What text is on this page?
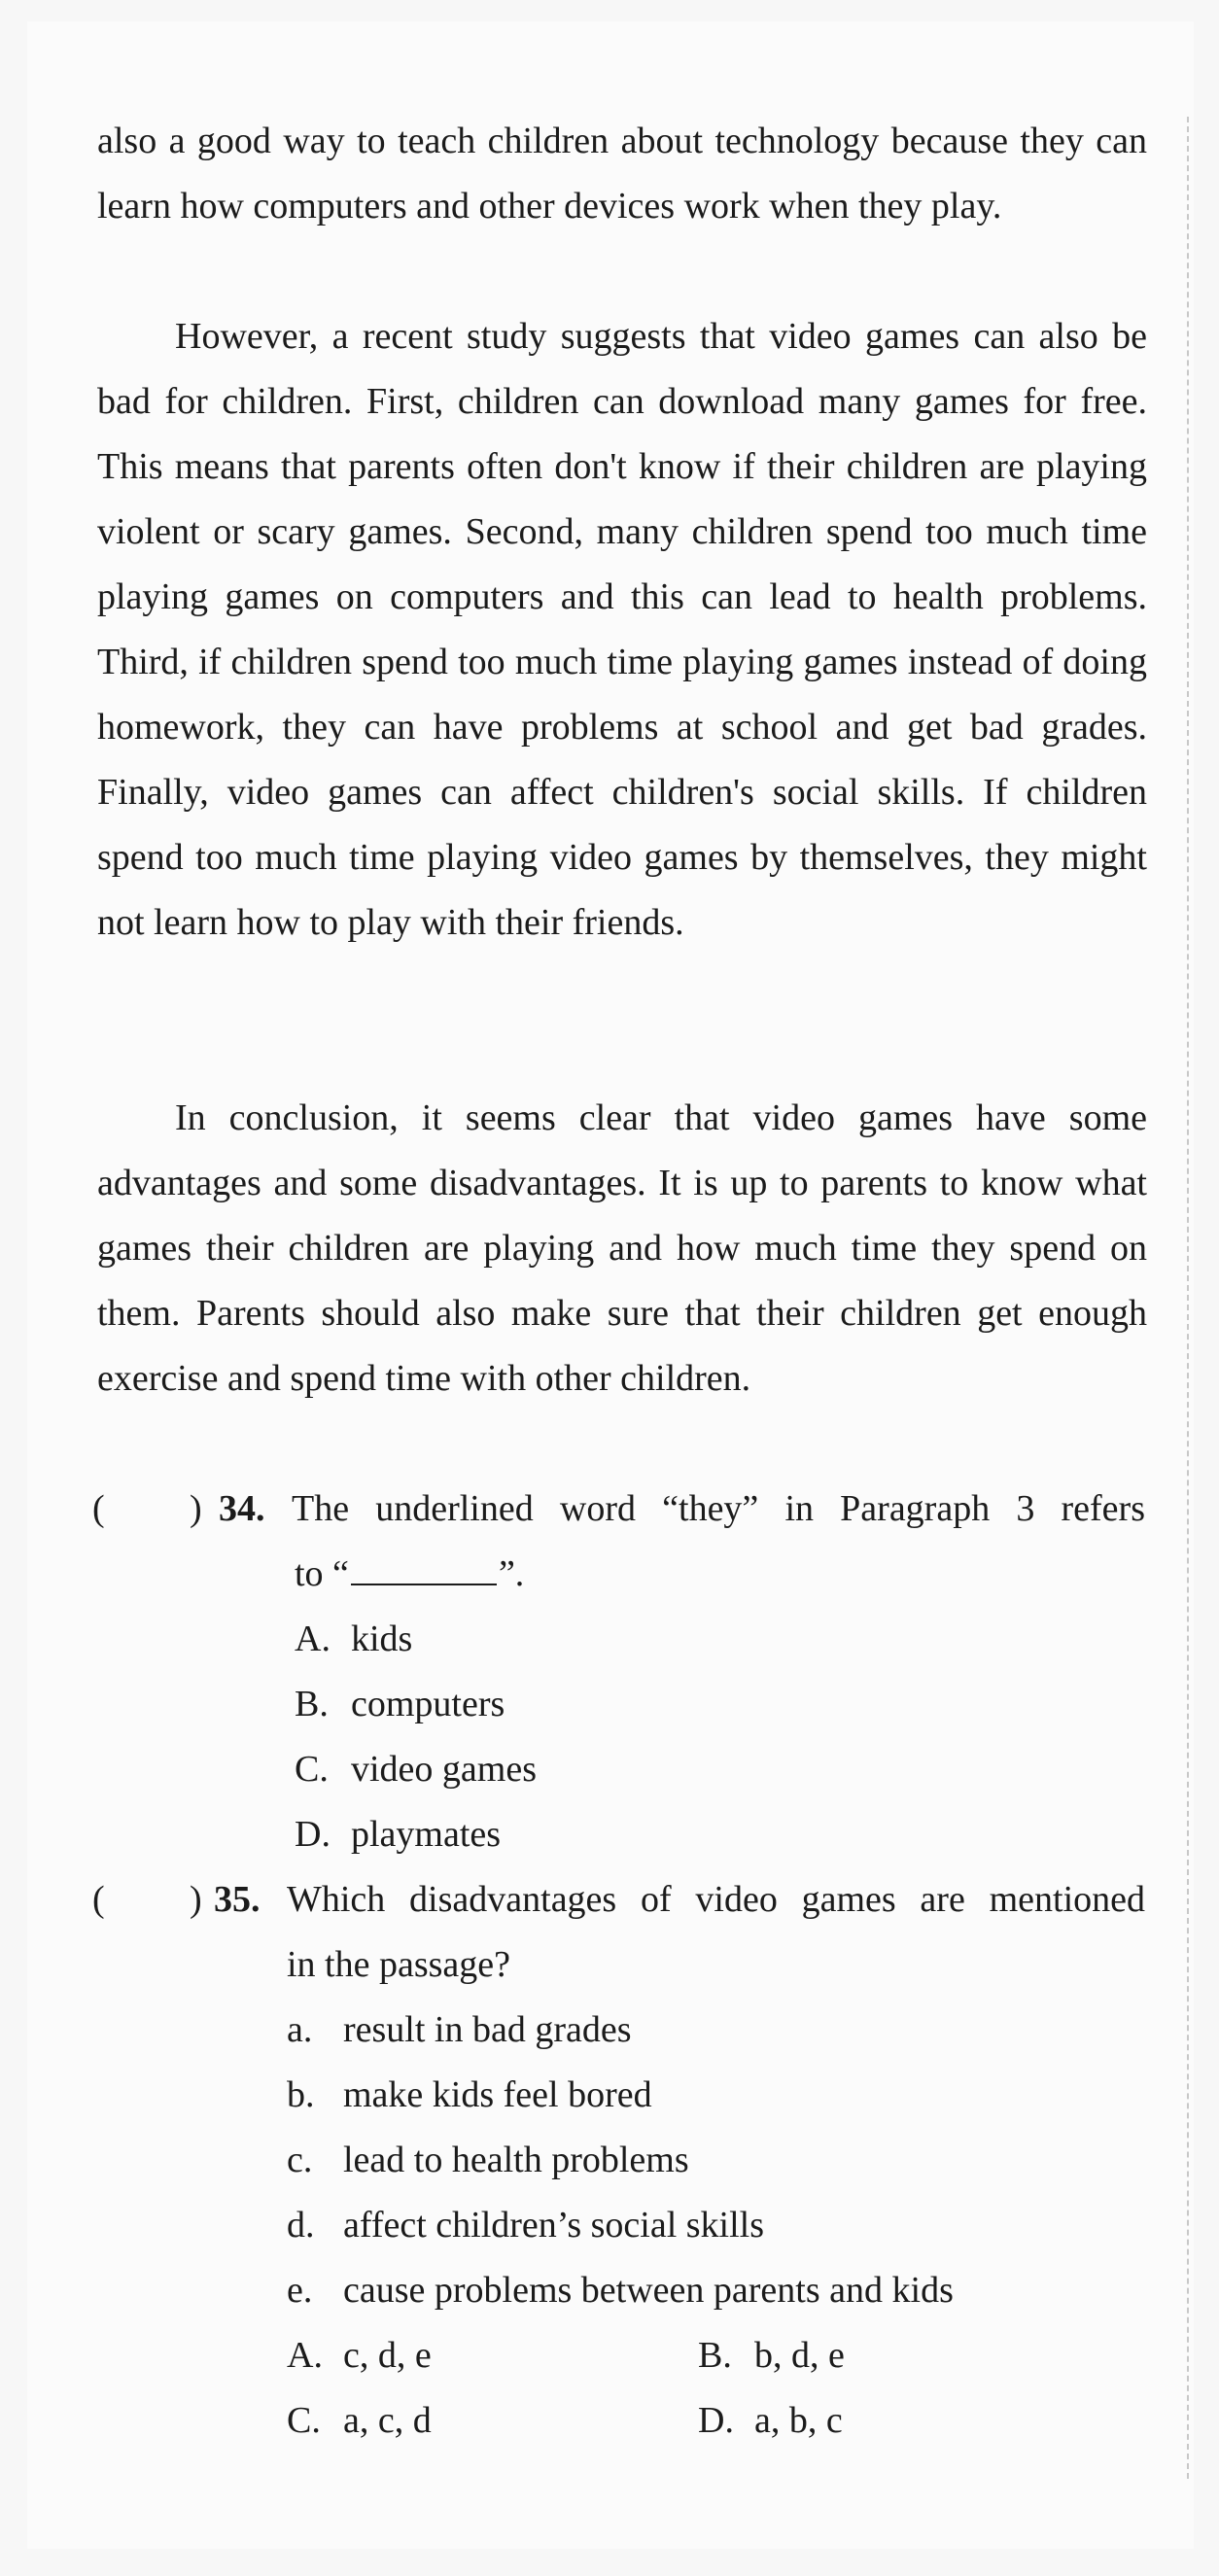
also a good way to teach children about technology because they can learn how computers and other devices work when they play.

However, a recent study suggests that video games can also be bad for children. First, children can download many games for free. This means that parents often don't know if their children are playing violent or scary games. Second, many children spend too much time playing games on computers and this can lead to health problems. Third, if children spend too much time playing games instead of doing homework, they can have problems at school and get bad grades. Finally, video games can affect children's social skills. If children spend too much time playing video games by themselves, they might not learn how to play with their friends.

In conclusion, it seems clear that video games have some advantages and some disadvantages. It is up to parents to know what games their children are playing and how much time they spend on them. Parents should also make sure that their children get enough exercise and spend time with other children.

( ) 34. The underlined word “they” in Paragraph 3 refers
to “	”.
A. kids
B. computers
C. video games
D. playmates
( ) 35. Which disadvantages of video games are mentioned
in the passage?
a. result in bad grades
b. make kids feel bored
c. lead to health problems
d. affect children’s social skills
e. cause problems between parents and kids
A. c, d, e	B. b, d, e
C. a, c, d	D. a, b, c
